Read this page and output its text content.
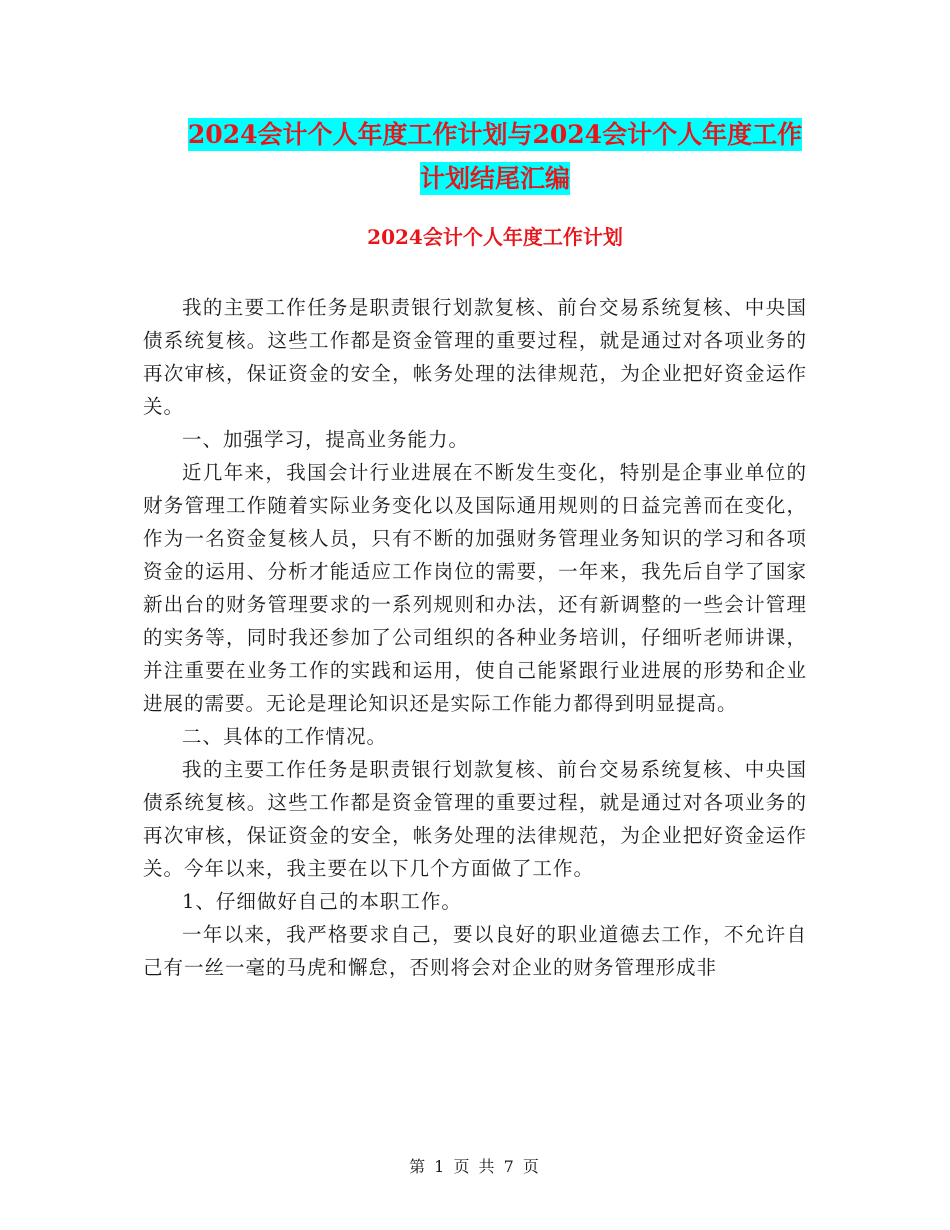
2024会计个人年度工作计划与2024会计个人年度工作
计划结尾汇编
2024会计个人年度工作计划

我的主要工作任务是职责银行划款复核、前台交易系统复核、中央国债系统复核。这些工作都是资金管理的重要过程，就是通过对各项业务的再次审核，保证资金的安全，帐务处理的法律规范，为企业把好资金运作关。

一、加强学习，提高业务能力。

近几年来，我国会计行业进展在不断发生变化，特别是企事业单位的财务管理工作随着实际业务变化以及国际通用规则的日益完善而在变化，作为一名资金复核人员，只有不断的加强财务管理业务知识的学习和各项资金的运用、分析才能适应工作岗位的需要，一年来，我先后自学了国家新出台的财务管理要求的一系列规则和办法，还有新调整的一些会计管理的实务等，同时我还参加了公司组织的各种业务培训，仔细听老师讲课，并注重要在业务工作的实践和运用，使自己能紧跟行业进展的形势和企业进展的需要。无论是理论知识还是实际工作能力都得到明显提高。

二、具体的工作情况。

我的主要工作任务是职责银行划款复核、前台交易系统复核、中央国债系统复核。这些工作都是资金管理的重要过程，就是通过对各项业务的再次审核，保证资金的安全，帐务处理的法律规范，为企业把好资金运作关。今年以来，我主要在以下几个方面做了工作。

1、仔细做好自己的本职工作。

一年以来，我严格要求自己，要以良好的职业道德去工作，不允许自己有一丝一毫的马虎和懈怠，否则将会对企业的财务管理形成非

第 1 页 共 7 页
